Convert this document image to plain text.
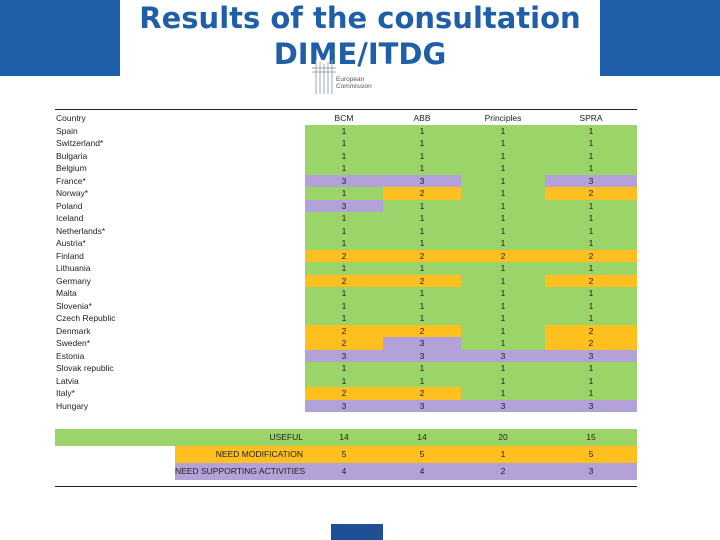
Results of the consultation
DIME/ITDG
European
Commission
Country	BCM	ABB	Principles	SPRA
Spain	1	1	1	1
Switzerland*	1	1	1	1
Bulgaria	1	1	1	1
Belgium	1	1	1	1
France*	3	3	1	3
Norway*	1	2	1	2
Poland	3	1	1	1
Iceland	1	1	1	1
Netherlands*	1	1	1	1
Austria*	1	1	1	1
Finland	2	2	2	2
Lithuania	1	1	1	1
Germany	2	2	1	2
Malta	1	1	1	1
Slovenia*	1	1	1	1
Czech Republic	1	1	1	1
Denmark	2	2	1	2
Sweden*	2	3	1	2
Estonia	3	3	3	3
Slovak republic	1	1	1	1
Latvia	1	1	1	1
Italy*	2	2	1	1
Hungary	3	3	3	3
USEFUL	14	14	20	15
NEED MODIFICATION	5	5	1	5
NEED SUPPORTING ACTIVITIES	4	4	2	3
